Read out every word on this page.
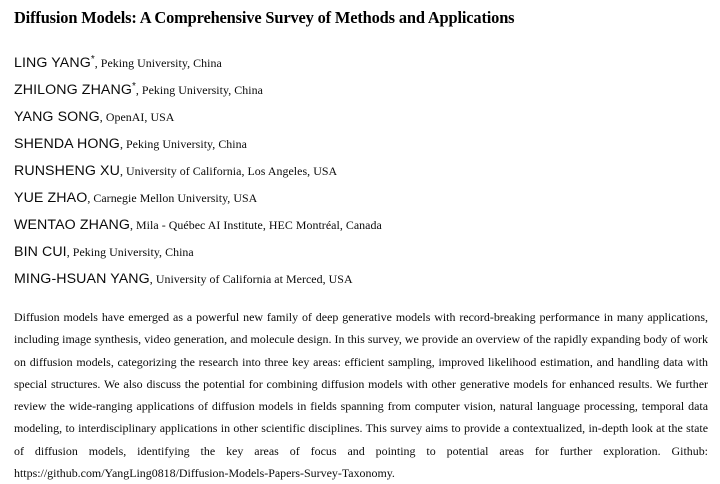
Diffusion Models: A Comprehensive Survey of Methods and Applications
LING YANG*, Peking University, China
ZHILONG ZHANG*, Peking University, China
YANG SONG, OpenAI, USA
SHENDA HONG, Peking University, China
RUNSHENG XU, University of California, Los Angeles, USA
YUE ZHAO, Carnegie Mellon University, USA
WENTAO ZHANG, Mila - Québec AI Institute, HEC Montréal, Canada
BIN CUI, Peking University, China
MING-HSUAN YANG, University of California at Merced, USA

Diffusion models have emerged as a powerful new family of deep generative models with record-breaking performance in many applications, including image synthesis, video generation, and molecule design. In this survey, we provide an overview of the rapidly expanding body of work on diffusion models, categorizing the research into three key areas: efficient sampling, improved likelihood estimation, and handling data with special structures. We also discuss the potential for combining diffusion models with other generative models for enhanced results. We further review the wide-ranging applications of diffusion models in fields spanning from computer vision, natural language processing, temporal data modeling, to interdisciplinary applications in other scientific disciplines. This survey aims to provide a contextualized, in-depth look at the state of diffusion models, identifying the key areas of focus and pointing to potential areas for further exploration. Github: https://github.com/YangLing0818/Diffusion-Models-Papers-Survey-Taxonomy.
